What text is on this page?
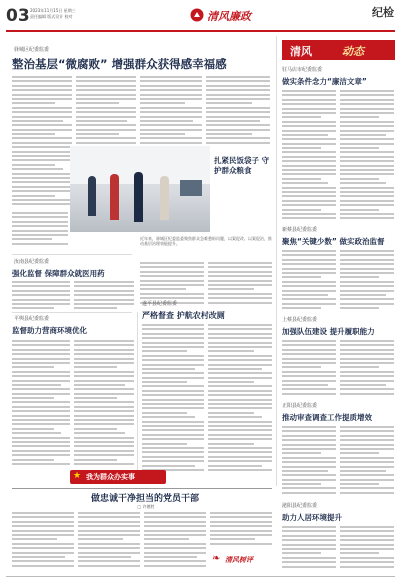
03 2023年11月15日 星期三
责任编辑 版式设计 校对	清风廉政	纪检
驿城区纪委监委
整治基层“微腐败” 增强群众获得感幸福感
扎紧民饭袋子 守护群众粮食
近年来，驿城区纪委监委聚焦群众急难愁盼问题，以案促改、以案促治，推动基层治理效能提升。
汝南县纪委监委
强化监督 保障群众就医用药
平舆县纪委监委
监督助力营商环境优化
遂平县纪委监委
严格督查 护航农村改厕
★ 我为群众办实事
清风	动态
驻马店市纪委监委
做实条件念力“廉洁文章”
新蔡县纪委监委
聚焦“关键少数” 做实政治监督
上蔡县纪委监委
加强队伍建设 提升履职能力
正阳县纪委监委
推动审查调查工作提质增效
泌阳县纪委监委
助力人居环境提升
做忠诚干净担当的党员干部
□ 许德胜
❧ 清风树评
